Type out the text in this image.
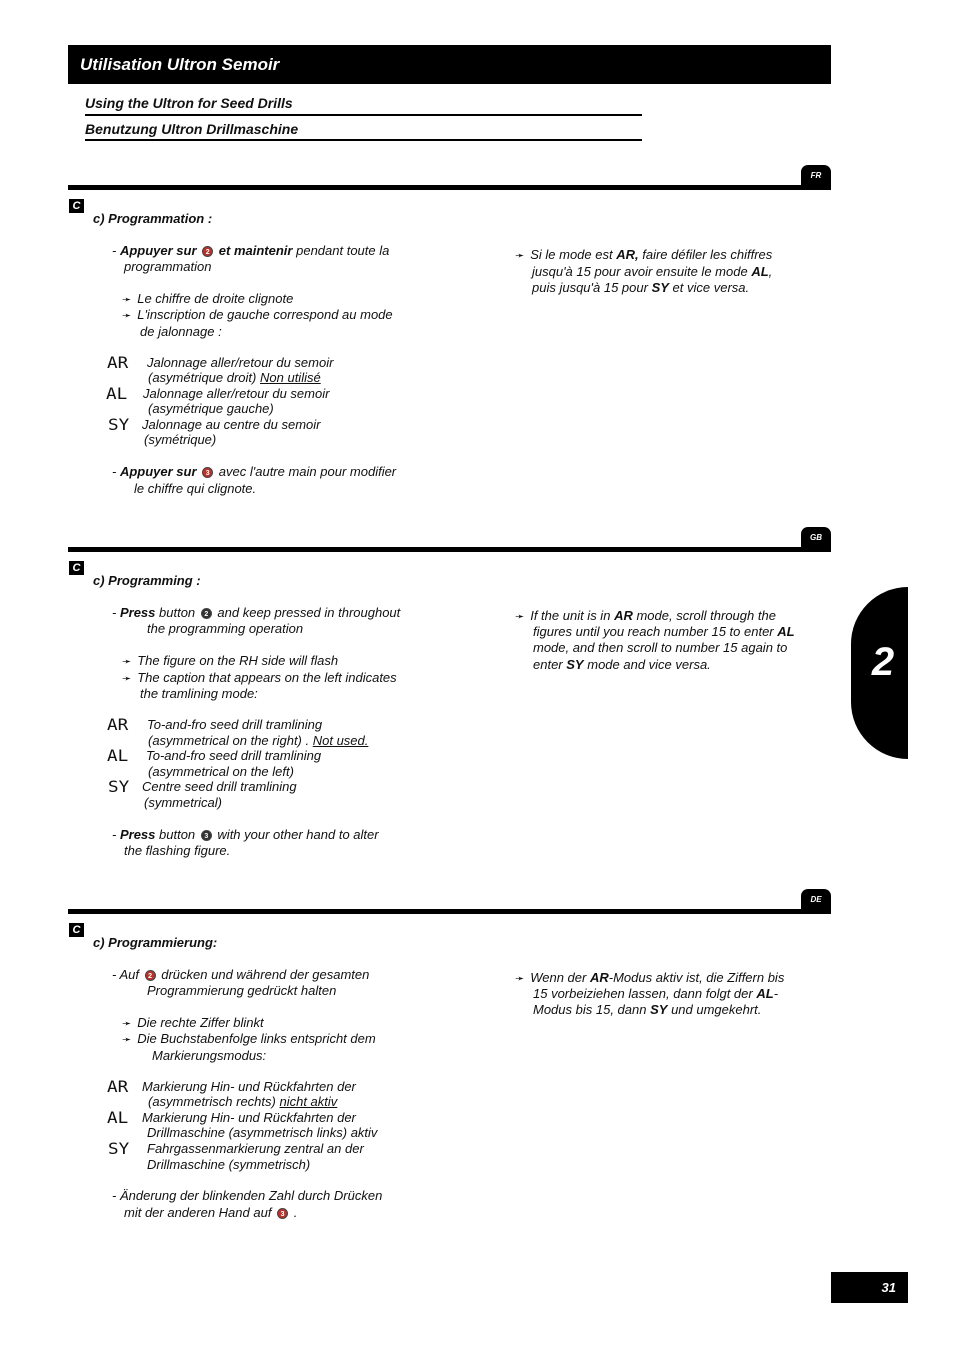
Utilisation Ultron Semoir
Using the Ultron for Seed Drills
Benutzung Ultron Drillmaschine
FR
C
c) Programmation :
- Appuyer sur 2 et maintenir pendant toute la
programmation
➛ Le chiffre de droite clignote
➛ L'inscription de gauche correspond au mode
de jalonnage :
AR Jalonnage aller/retour du semoir
(asymétrique droit) Non utilisé
AL Jalonnage aller/retour du semoir
(asymétrique gauche)
SY Jalonnage au centre du semoir
(symétrique)
- Appuyer sur 3 avec l'autre main pour modifier
le chiffre qui clignote.
➛ Si le mode est AR, faire défiler les chiffres
jusqu'à 15 pour avoir ensuite le mode AL,
puis jusqu'à 15 pour SY et vice versa.
GB
C
c) Programming :
- Press button 2 and keep pressed in throughout
the programming operation
➛ The figure on the RH side will flash
➛ The caption that appears on the left indicates
the tramlining mode:
AR To-and-fro seed drill tramlining
(asymmetrical on the right) . Not used.
AL To-and-fro seed drill tramlining
(asymmetrical on the left)
SY Centre seed drill tramlining
(symmetrical)
- Press button 3 with your other hand to alter
the flashing figure.
➛ If the unit is in AR mode, scroll through the
figures until you reach number 15 to enter AL
mode, and then scroll to number 15 again to
enter SY mode and vice versa.
DE
C
c) Programmierung:
- Auf 2 drücken und während der gesamten
Programmierung gedrückt halten
➛ Die rechte Ziffer blinkt
➛ Die Buchstabenfolge links entspricht dem
Markierungsmodus:
AR Markierung Hin- und Rückfahrten der
(asymmetrisch rechts) nicht aktiv
AL Markierung Hin- und Rückfahrten der
Drillmaschine (asymmetrisch links) aktiv
SY Fahrgassenmarkierung zentral an der
Drillmaschine (symmetrisch)
- Änderung der blinkenden Zahl durch Drücken
mit der anderen Hand auf 3 .
➛ Wenn der AR-Modus aktiv ist, die Ziffern bis
15 vorbeiziehen lassen, dann folgt der AL-
Modus bis 15, dann SY und umgekehrt.
2
31
